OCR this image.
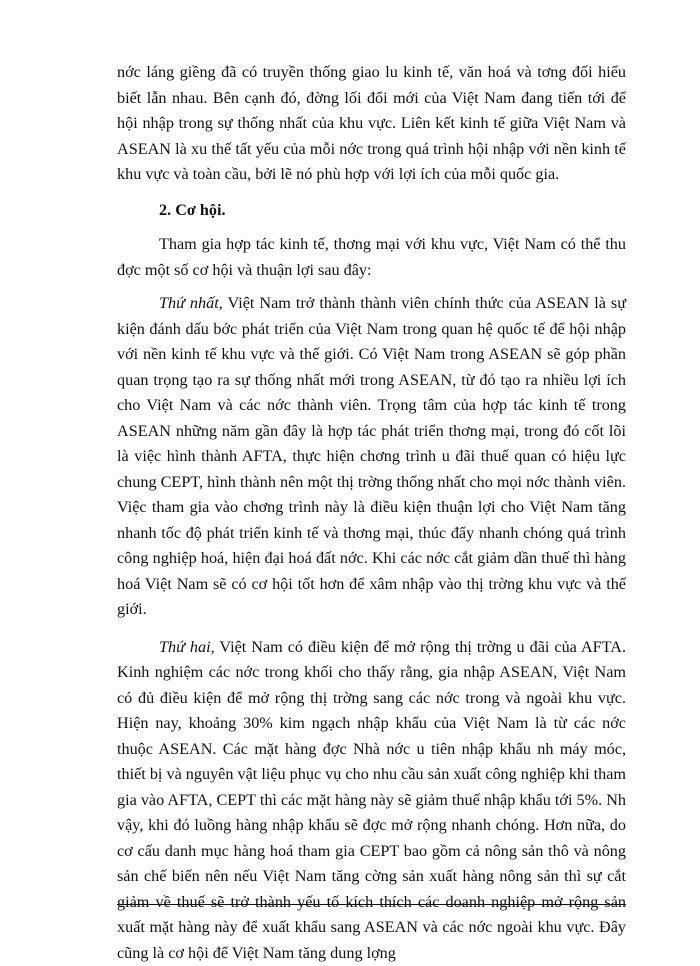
nớc láng giềng đã có truyền thống giao lu kinh tế, văn hoá và tơng đối hiểu biết lẫn nhau. Bên cạnh đó, đờng lối đổi mới của Việt Nam đang tiến tới để hội nhập trong sự thống nhất của khu vực. Liên kết kinh tế giữa Việt Nam và ASEAN là xu thế tất yếu của mỗi nớc trong quá trình hội nhập với nền kinh tế khu vực và toàn cầu, bởi lẽ nó phù hợp với lợi ích của mỗi quốc gia.

2. Cơ hội.

Tham gia hợp tác kinh tế, thơng mại với khu vực, Việt Nam có thể thu đợc một số cơ hội và thuận lợi sau đây:

Thứ nhất, Việt Nam trở thành thành viên chính thức của ASEAN là sự kiện đánh dấu bớc phát triển của Việt Nam trong quan hệ quốc tế để hội nhập với nền kinh tế khu vực và thế giới. Có Việt Nam trong ASEAN sẽ góp phần quan trọng tạo ra sự thống nhất mới trong ASEAN, từ đó tạo ra nhiều lợi ích cho Việt Nam và các nớc thành viên. Trọng tâm của hợp tác kinh tế trong ASEAN những năm gần đây là hợp tác phát triển thơng mại, trong đó cốt lõi là việc hình thành AFTA, thực hiện chơng trình u đãi thuế quan có hiệu lực chung CEPT, hình thành nên một thị trờng thống nhất cho mọi nớc thành viên. Việc tham gia vào chơng trình này là điều kiện thuận lợi cho Việt Nam tăng nhanh tốc độ phát triển kinh tế và thơng mại, thúc đẩy nhanh chóng quá trình công nghiệp hoá, hiện đại hoá đất nớc. Khi các nớc cắt giảm dần thuế thì hàng hoá Việt Nam sẽ có cơ hội tốt hơn để xâm nhập vào thị trờng khu vực và thế giới.

Thứ hai, Việt Nam có điều kiện để mở rộng thị trờng u đãi của AFTA. Kinh nghiệm các nớc trong khối cho thấy rằng, gia nhập ASEAN, Việt Nam có đủ điều kiện để mở rộng thị trờng sang các nớc trong và ngoài khu vực. Hiện nay, khoảng 30% kim ngạch nhập khẩu của Việt Nam là từ các nớc thuộc ASEAN. Các mặt hàng đợc Nhà nớc u tiên nhập khẩu nh máy móc, thiết bị và nguyên vật liệu phục vụ cho nhu cầu sản xuất công nghiệp khi tham gia vào AFTA, CEPT thì các mặt hàng này sẽ giảm thuế nhập khẩu tới 5%. Nh vậy, khi đó luồng hàng nhập khẩu sẽ đợc mở rộng nhanh chóng. Hơn nữa, do cơ cấu danh mục hàng hoá tham gia CEPT bao gồm cả nông sản thô và nông sản chế biến nên nếu Việt Nam tăng cờng sản xuất hàng nông sản thì sự cắt giảm về thuế sẽ trở thành yếu tố kích thích các doanh nghiệp mở rộng sản xuất mặt hàng này để xuất khẩu sang ASEAN và các nớc ngoài khu vực. Đây cũng là cơ hội để Việt Nam tăng dung lợng
